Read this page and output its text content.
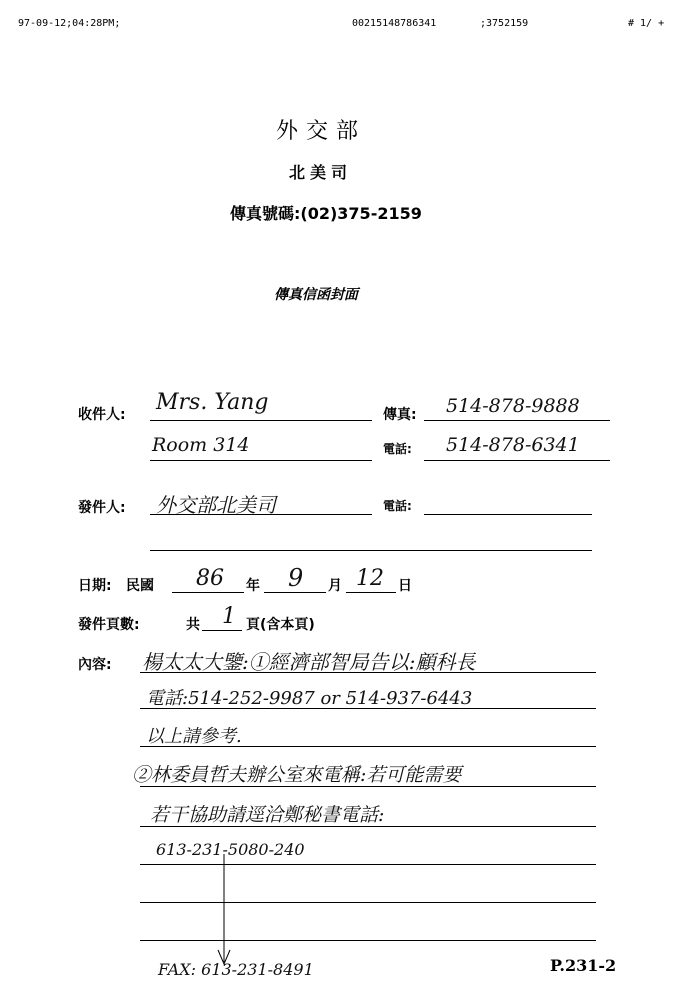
97-09-12;04:28PM;	00215148786341	;3752159	# 1/ +
外交部
北美司
傳真號碼:(02)375-2159
傳真信函封面
收件人: Mrs. Yang
Room 314
傳真: 514-878-9888
電話: 514-878-6341
發件人: 外交部北美司	電話:
日期: 民國 86 年 9 月 12 日
發件頁數:	共 1 頁(含本頁)
內容: 楊太太大鑒:①經濟部智局告以:顧科長
電話:514-252-9987 or 514-937-6443
以上請參考.
②林委員哲夫辦公室來電稱:若可能需要
若干協助請逕洽鄭秘書電話:
613-231-5080-240
FAX: 613-231-8491	P.231-2
